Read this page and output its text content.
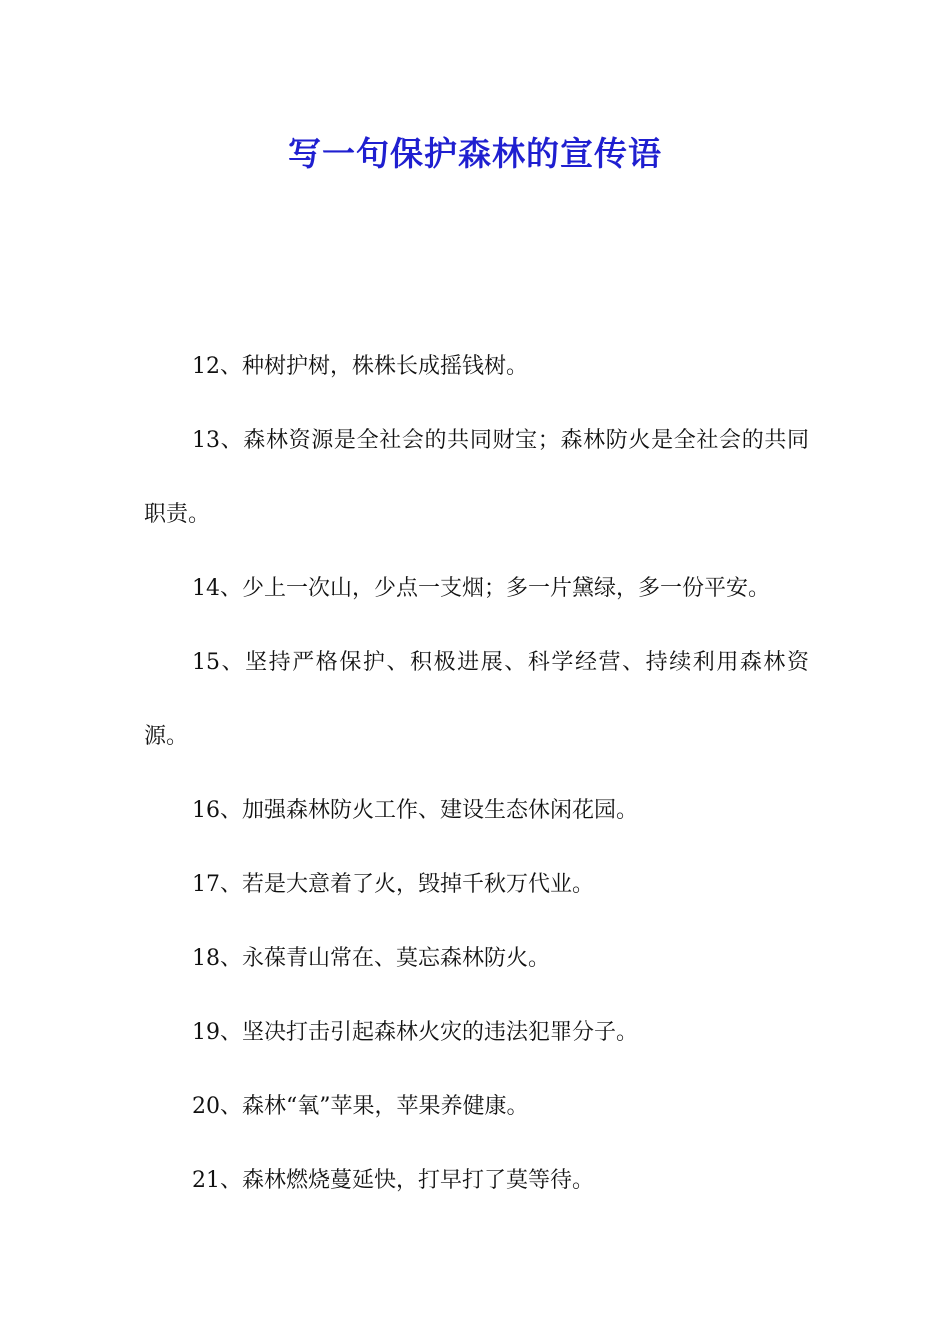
写一句保护森林的宣传语

12、种树护树，株株长成摇钱树。

13、森林资源是全社会的共同财宝；森林防火是全社会的共同职责。

14、少上一次山，少点一支烟；多一片黛绿，多一份平安。

15、坚持严格保护、积极进展、科学经营、持续利用森林资源。

16、加强森林防火工作、建设生态休闲花园。

17、若是大意着了火，毁掉千秋万代业。

18、永葆青山常在、莫忘森林防火。

19、坚决打击引起森林火灾的违法犯罪分子。

20、森林“氧”苹果，苹果养健康。

21、森林燃烧蔓延快，打早打了莫等待。
